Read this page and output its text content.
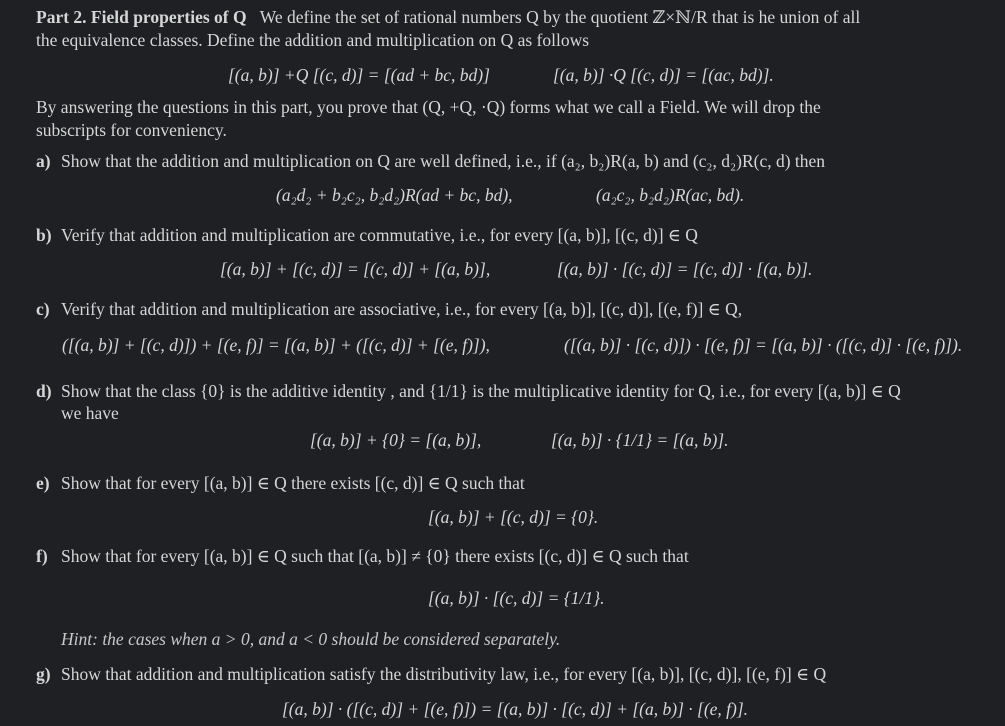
Part 2. Field properties of Q We define the set of rational numbers Q by the quotient ℤ×ℕ/R that is he union of all
the equivalence classes. Define the addition and multiplication on Q as follows
[(a, b)] +Q [(c, d)] = [(ad + bc, bd)]	[(a, b)] ·Q [(c, d)] = [(ac, bd)].
By answering the questions in this part, you prove that (Q, +Q, ·Q) forms what we call a Field. We will drop the
subscripts for conveniency.
a) Show that the addition and multiplication on Q are well defined, i.e., if (a₂, b₂)R(a, b) and (c₂, d₂)R(c, d) then
(a₂d₂ + b₂c₂, b₂d₂)R(ad + bc, bd),	(a₂c₂, b₂d₂)R(ac, bd).
b) Verify that addition and multiplication are commutative, i.e., for every [(a, b)], [(c, d)] ∈ Q
[(a, b)] + [(c, d)] = [(c, d)] + [(a, b)],	[(a, b)] · [(c, d)] = [(c, d)] · [(a, b)].
c) Verify that addition and multiplication are associative, i.e., for every [(a, b)], [(c, d)], [(e, f)] ∈ Q,
([(a, b)] + [(c, d)]) + [(e, f)] = [(a, b)] + ([(c, d)] + [(e, f)]),	([(a, b)] · [(c, d)]) · [(e, f)] = [(a, b)] · ([(c, d)] · [(e, f)]).
d) Show that the class {0} is the additive identity , and {1/1} is the multiplicative identity for Q, i.e., for every [(a, b)] ∈ Q
we have
[(a, b)] + {0} = [(a, b)],	[(a, b)] · {1/1} = [(a, b)].
e) Show that for every [(a, b)] ∈ Q there exists [(c, d)] ∈ Q such that
[(a, b)] + [(c, d)] = {0}.
f) Show that for every [(a, b)] ∈ Q such that [(a, b)] ≠ {0} there exists [(c, d)] ∈ Q such that
[(a, b)] · [(c, d)] = {1/1}.
Hint: the cases when a > 0, and a < 0 should be considered separately.
g) Show that addition and multiplication satisfy the distributivity law, i.e., for every [(a, b)], [(c, d)], [(e, f)] ∈ Q
[(a, b)] · ([(c, d)] + [(e, f)]) = [(a, b)] · [(c, d)] + [(a, b)] · [(e, f)].
